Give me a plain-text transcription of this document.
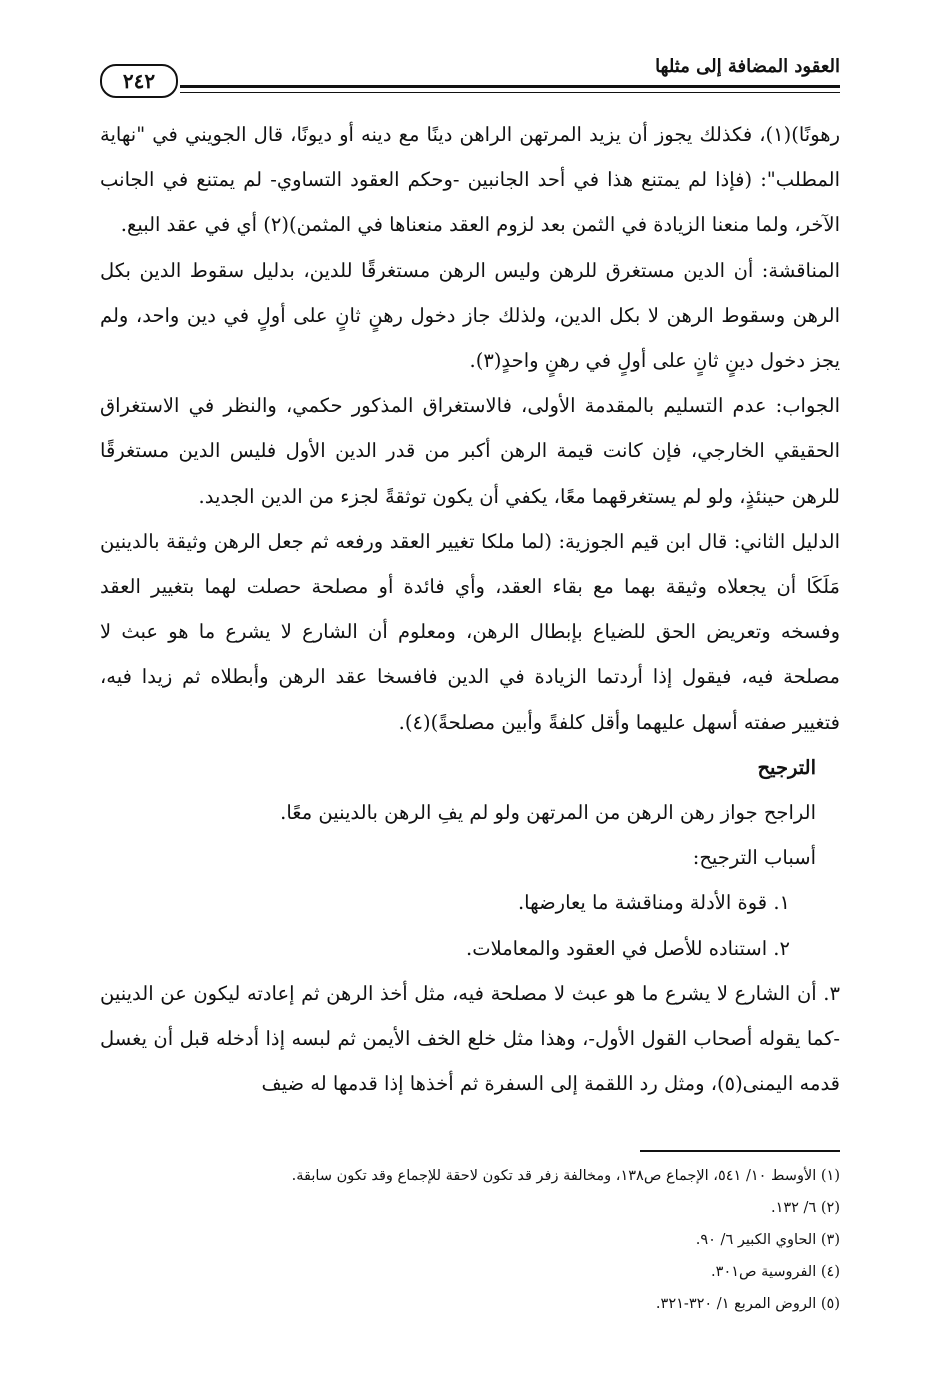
٢٤٢
العقود المضافة إلى مثلها

رهونًا)(١)، فكذلك يجوز أن يزيد المرتهن الراهن دينًا مع دينه أو ديونًا، قال الجويني في "نهاية المطلب": (فإذا لم يمتنع هذا في أحد الجانبين -وحكم العقود التساوي- لم يمتنع في الجانب الآخر، ولما منعنا الزيادة في الثمن بعد لزوم العقد منعناها في المثمن)(٢) أي في عقد البيع.

المناقشة: أن الدين مستغرق للرهن وليس الرهن مستغرقًا للدين، بدليل سقوط الدين بكل الرهن وسقوط الرهن لا بكل الدين، ولذلك جاز دخول رهنٍ ثانٍ على أولٍ في دين واحد، ولم يجز دخول دينٍ ثانٍ على أولٍ في رهنٍ واحدٍ(٣).

الجواب: عدم التسليم بالمقدمة الأولى، فالاستغراق المذكور حكمي، والنظر في الاستغراق الحقيقي الخارجي، فإن كانت قيمة الرهن أكبر من قدر الدين الأول فليس الدين مستغرقًا للرهن حينئذٍ، ولو لم يستغرقهما معًا، يكفي أن يكون توثقةً لجزء من الدين الجديد.

الدليل الثاني: قال ابن قيم الجوزية: (لما ملكا تغيير العقد ورفعه ثم جعل الرهن وثيقة بالدينين مَلَكَا أن يجعلاه وثيقة بهما مع بقاء العقد، وأي فائدة أو مصلحة حصلت لهما بتغيير العقد وفسخه وتعريض الحق للضياع بإبطال الرهن، ومعلوم أن الشارع لا يشرع ما هو عبث لا مصلحة فيه، فيقول إذا أردتما الزيادة في الدين فافسخا عقد الرهن وأبطلاه ثم زيدا فيه، فتغيير صفته أسهل عليهما وأقل كلفةً وأبين مصلحةً)(٤).

الترجيح

الراجح جواز رهن الرهن من المرتهن ولو لم يفِ الرهن بالدينين معًا.

أسباب الترجيح:

١. قوة الأدلة ومناقشة ما يعارضها.

٢. استناده للأصل في العقود والمعاملات.

٣. أن الشارع لا يشرع ما هو عبث لا مصلحة فيه، مثل أخذ الرهن ثم إعادته ليكون عن الدينين -كما يقوله أصحاب القول الأول-، وهذا مثل خلع الخف الأيمن ثم لبسه إذا أدخله قبل أن يغسل قدمه اليمنى(٥)، ومثل رد اللقمة إلى السفرة ثم أخذها إذا قدمها له ضيف

(١) الأوسط ١٠/ ٥٤١، الإجماع ص١٣٨، ومخالفة زفر قد تكون لاحقة للإجماع وقد تكون سابقة.

(٢) ٦/ ١٣٢.

(٣) الحاوي الكبير ٦/ ٩٠.

(٤) الفروسية ص٣٠١.

(٥) الروض المربع ١/ ٣٢٠-٣٢١.
